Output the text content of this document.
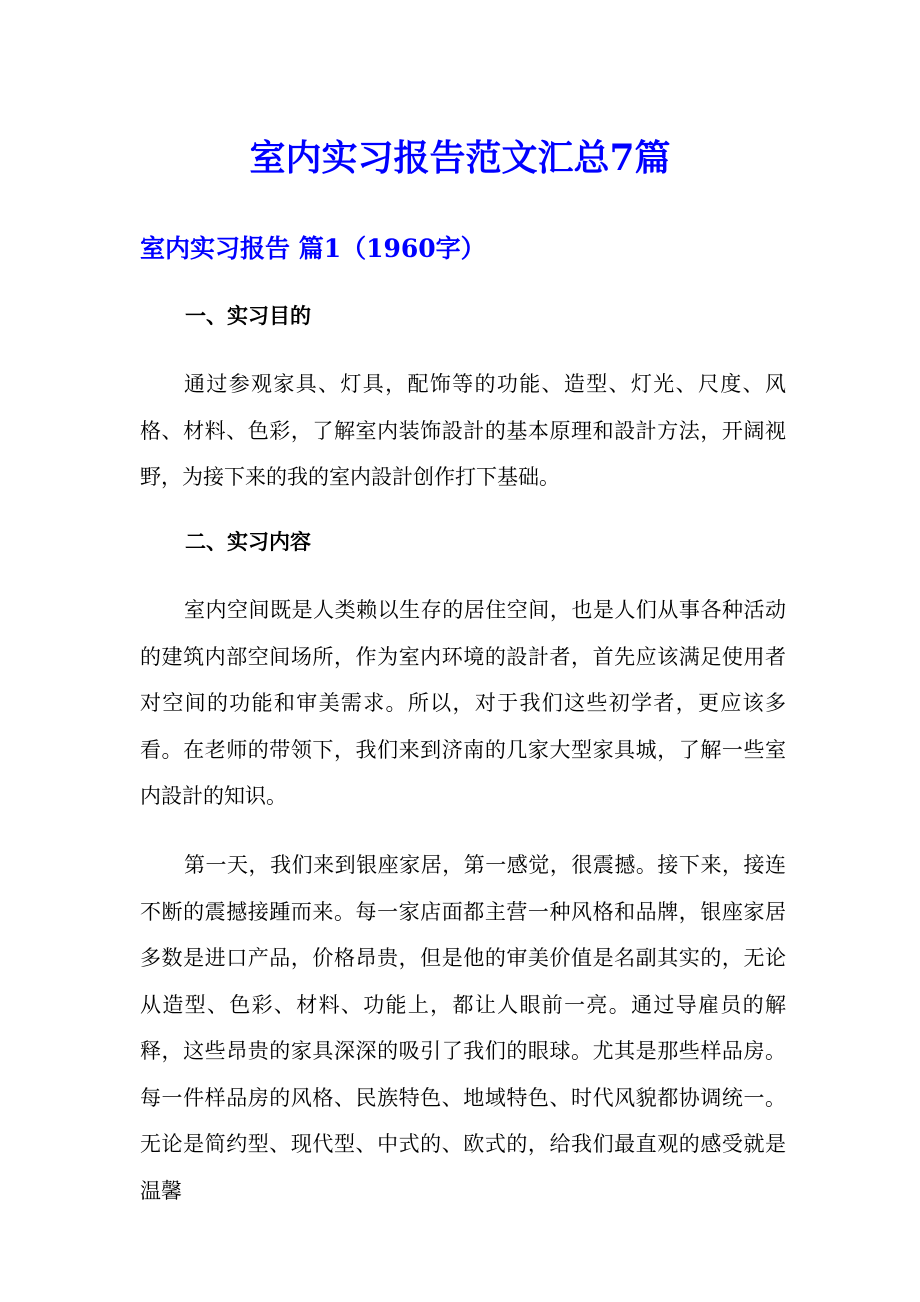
室内实习报告范文汇总7篇
室内实习报告 篇1（1960字）
一、实习目的

通过参观家具、灯具，配饰等的功能、造型、灯光、尺度、风格、材料、色彩，了解室内装饰設計的基本原理和設計方法，开阔视野，为接下来的我的室内設計创作打下基础。

二、实习内容

室内空间既是人类赖以生存的居住空间，也是人们从事各种活动的建筑内部空间场所，作为室内环境的設計者，首先应该满足使用者对空间的功能和审美需求。所以，对于我们这些初学者，更应该多看。在老师的带领下，我们来到济南的几家大型家具城，了解一些室内設計的知识。

第一天，我们来到银座家居，第一感觉，很震撼。接下来，接连不断的震撼接踵而来。每一家店面都主营一种风格和品牌，银座家居多数是进口产品，价格昂贵，但是他的审美价值是名副其实的，无论从造型、色彩、材料、功能上，都让人眼前一亮。通过导雇员的解释，这些昂贵的家具深深的吸引了我们的眼球。尤其是那些样品房。每一件样品房的风格、民族特色、地域特色、时代风貌都协调统一。无论是简约型、现代型、中式的、欧式的，给我们最直观的感受就是温馨
